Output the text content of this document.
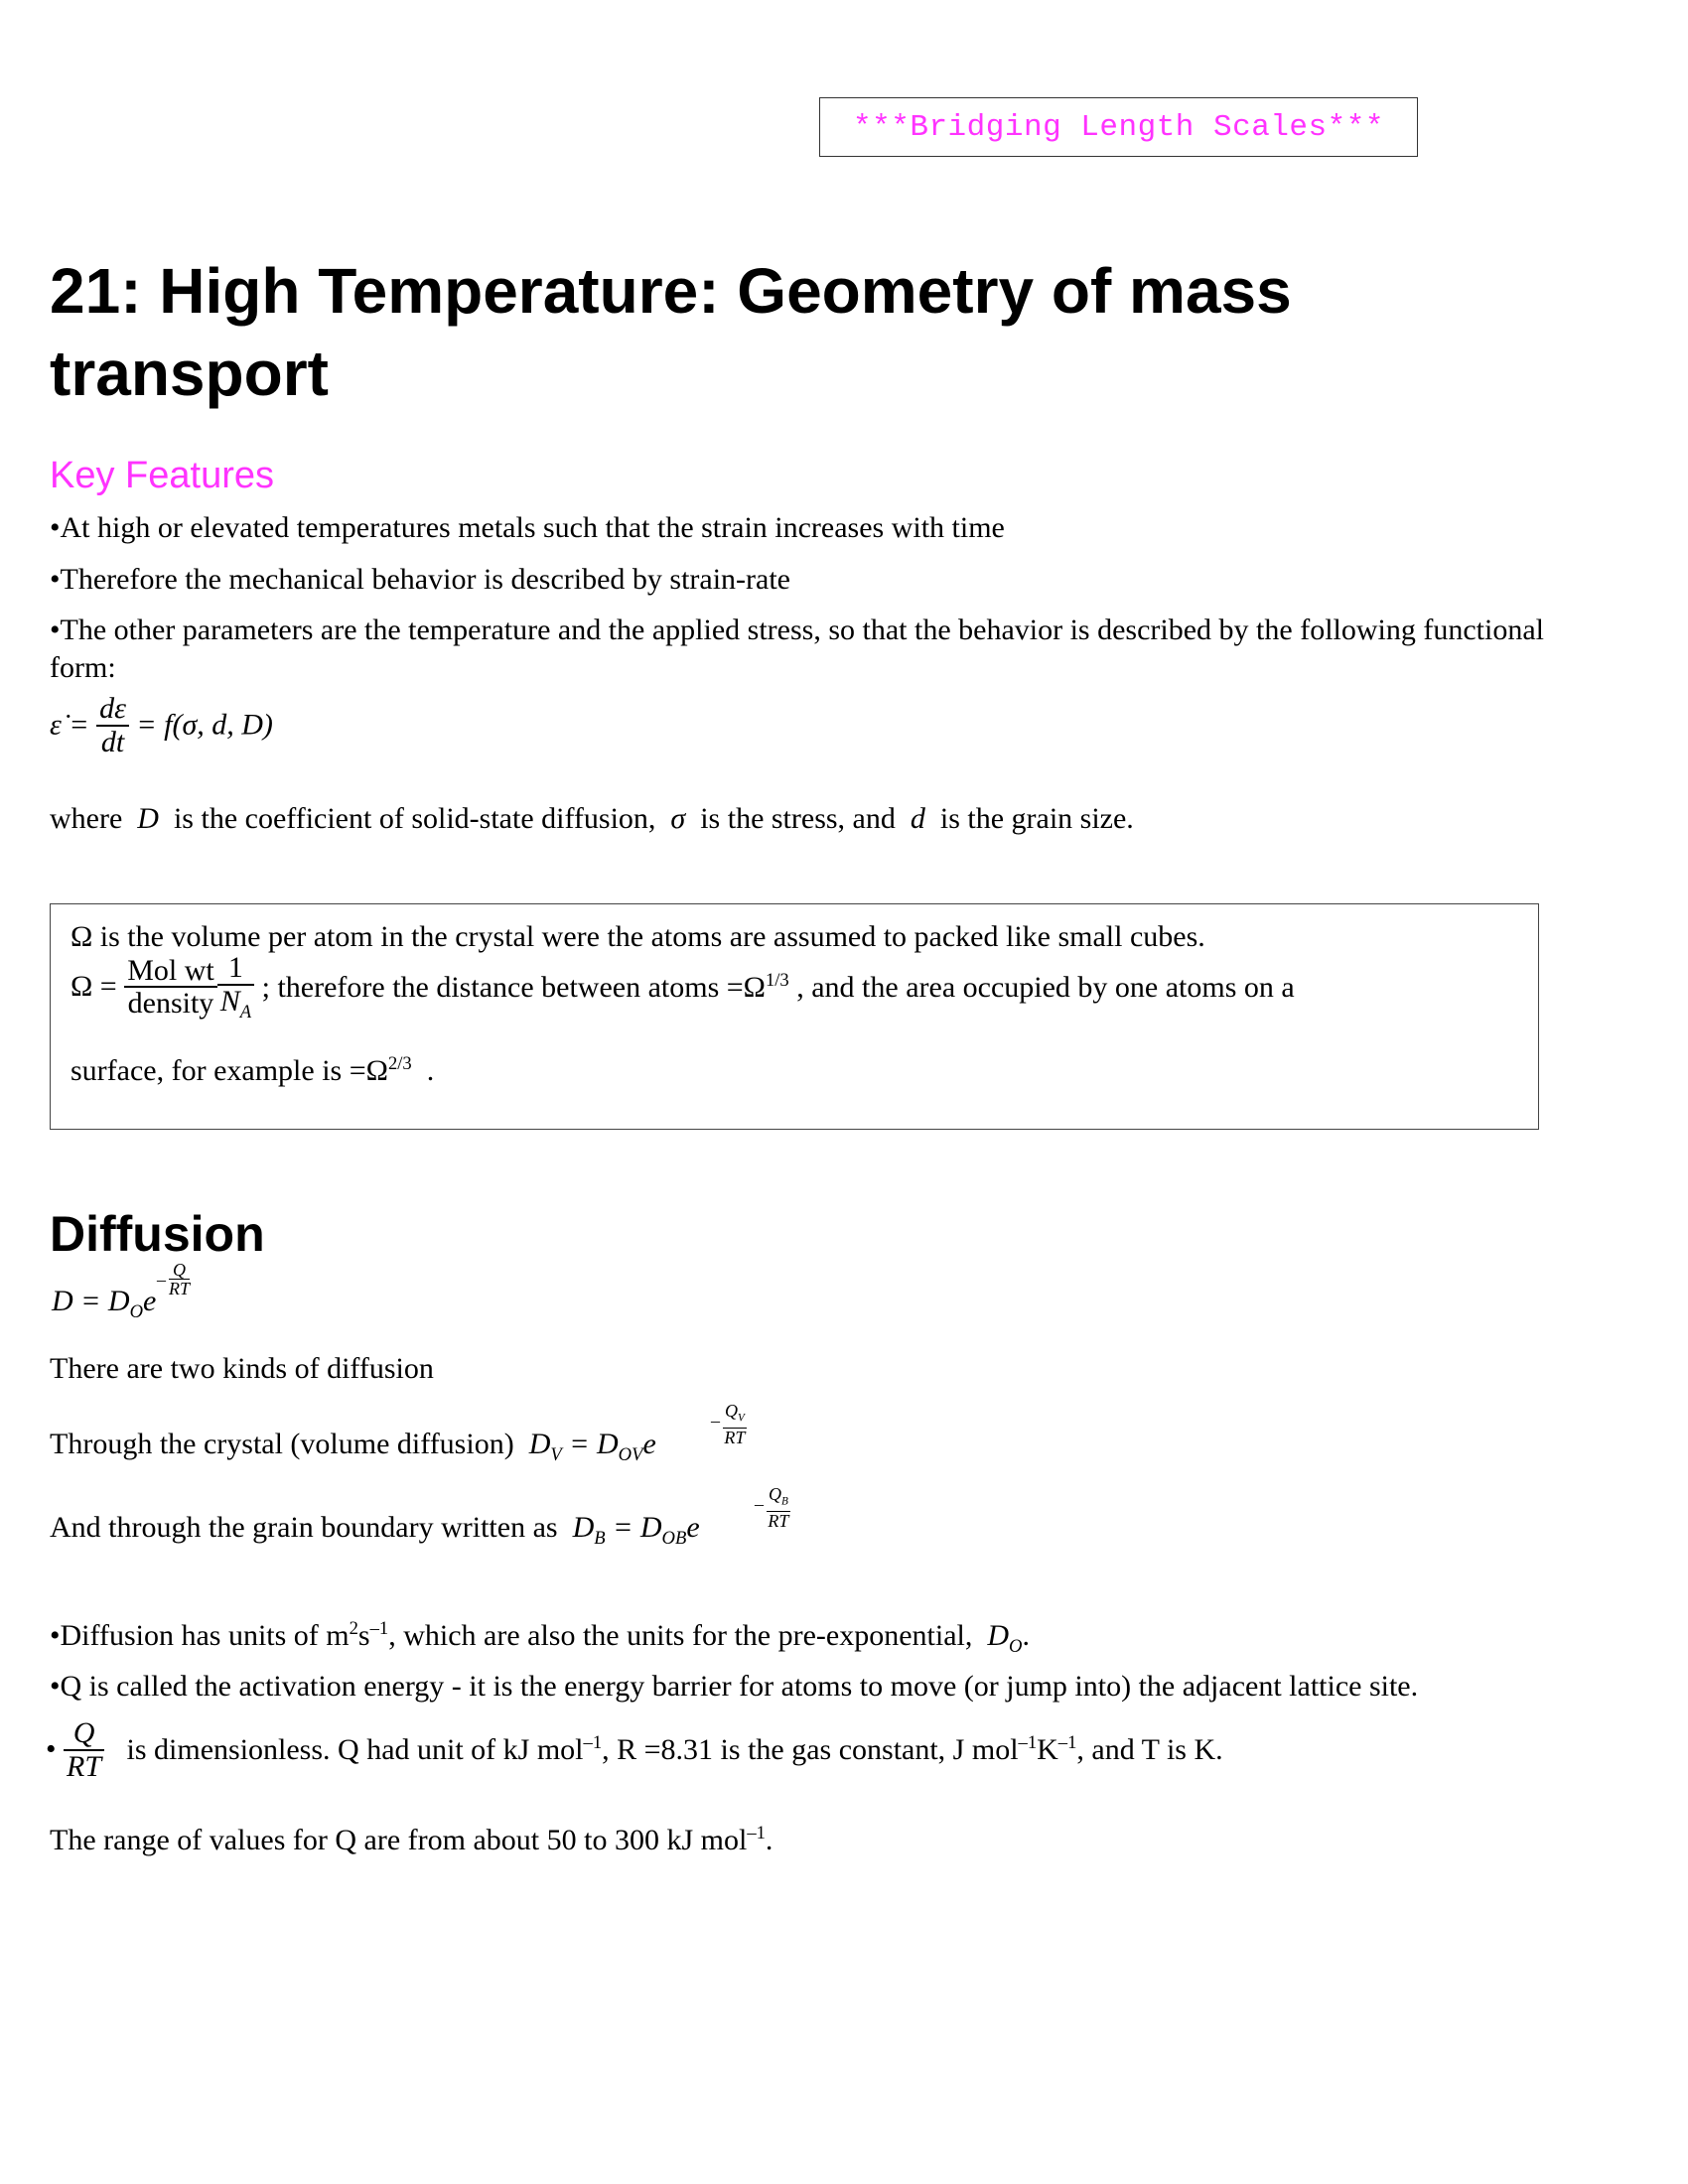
***Bridging Length Scales***
21: High Temperature: Geometry of mass transport
Key Features
•At high or elevated temperatures metals such that the strain increases with time
•Therefore the mechanical behavior is described by strain-rate
•The other parameters are the temperature and the applied stress, so that the behavior is described by the following functional form:
ε̇ = $\frac{d\varepsilon}{dt} = f(\sigma$, d, D)
where D is the coefficient of solid-state diffusion, σ is the stress, and d is the grain size.
Ω is the volume per atom in the crystal were the atoms are assumed to packed like small cubes.
$\Omega = \frac{\text{Mol wt}}{\text{density}} \frac{1}{N_A}$ ; therefore the distance between atoms $=\Omega^{1/3}$ , and the area occupied by one atoms on a
surface, for example is $=\Omega^{2/3}$ .
Diffusion
$D = D_Oe$
– Q
RT
There are two kinds of diffusion
Through the crystal (volume diffusion) $D_V = D_{OV}e$
– $Q_V$
RT
And through the grain boundary written as $D_B = D_{OB}e$
– $Q_B$
RT
•Diffusion has units of $m^2s^{-1}$, which are also the units for the pre-exponential, $D_O$.
•Q is called the activation energy - it is the energy barrier for atoms to move (or jump into) the adjacent lattice site.
• $\frac{Q}{RT}$ is dimensionless. Q had unit of kJ mol$^{-1}$, R =8.31 is the gas constant, J $mol^{-1}K^{-1}$, and T is K.
The range of values for Q are from about 50 to 300 kJ mol$^{-1}$.
